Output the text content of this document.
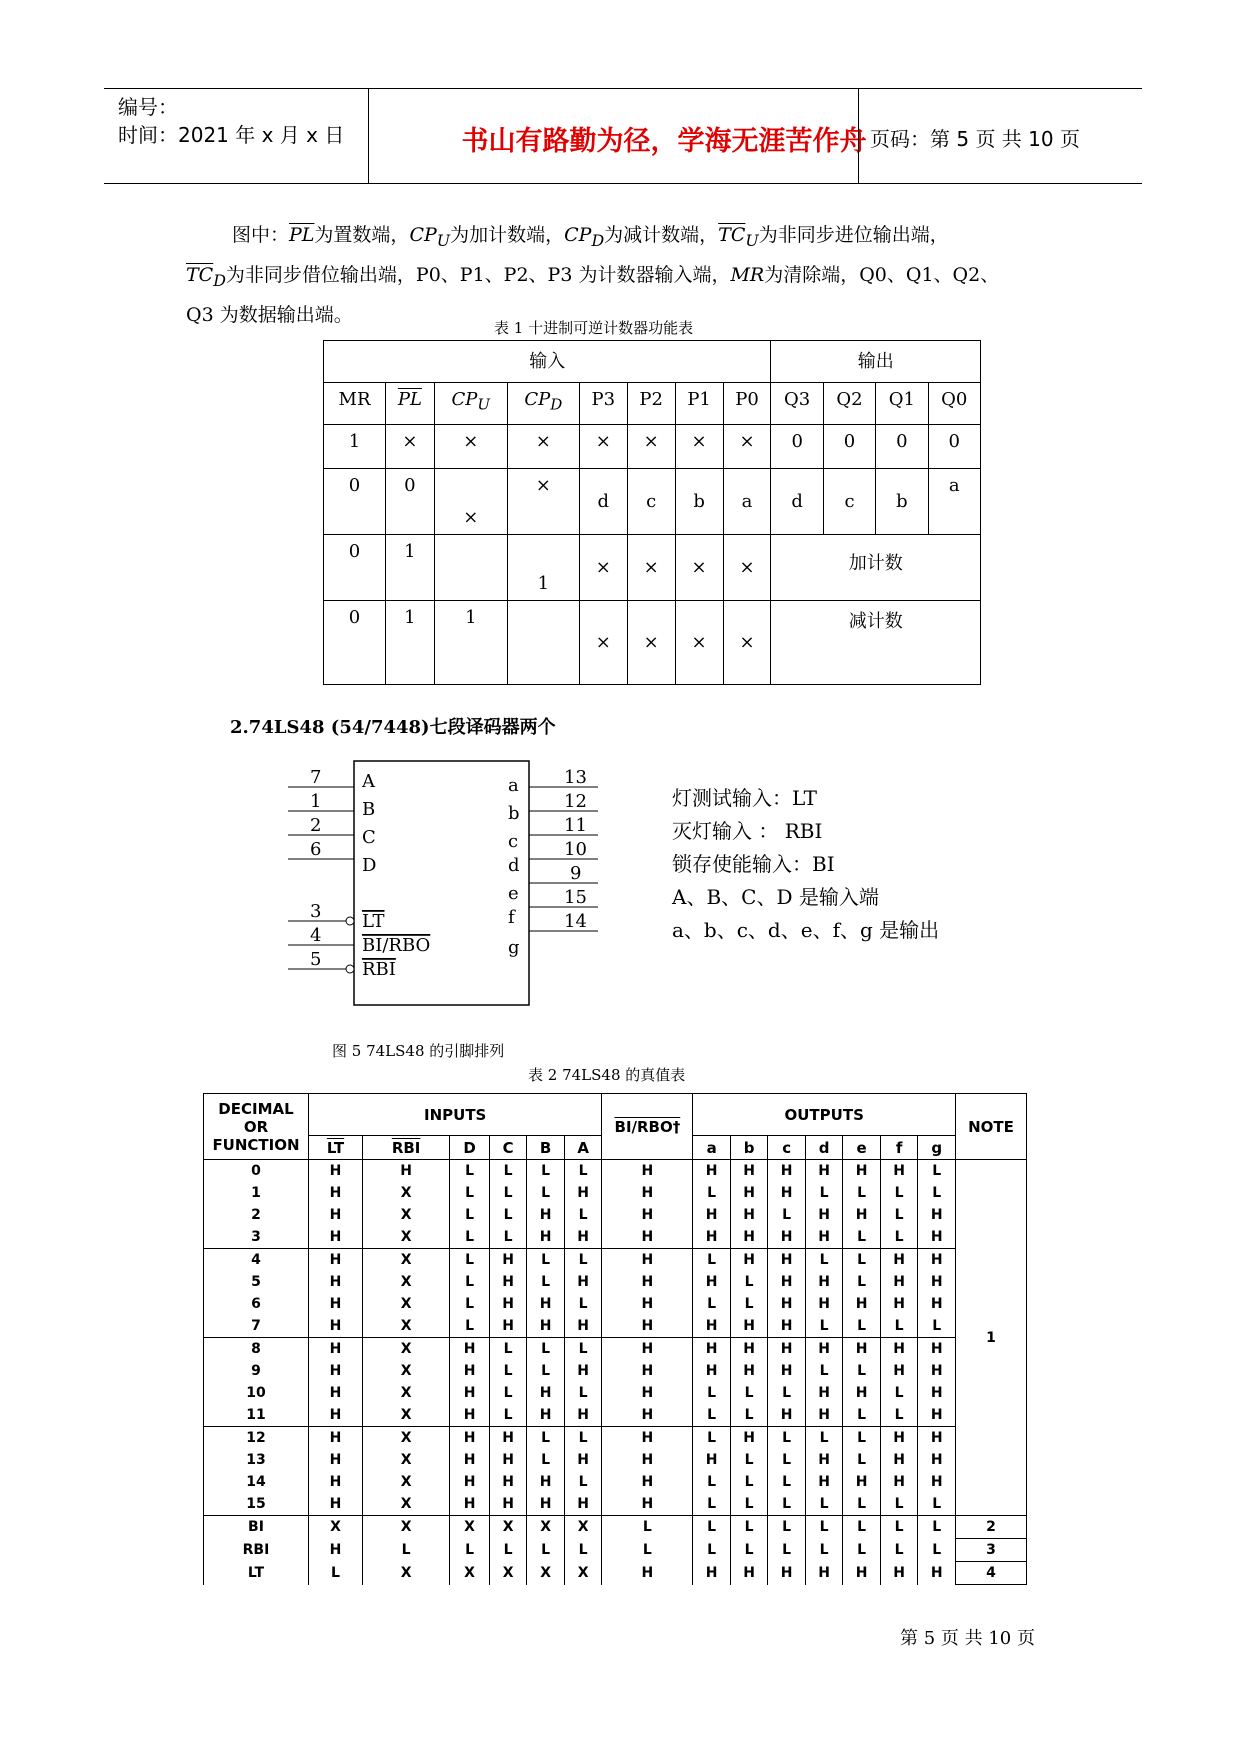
编号：
时间：2021 年 x 月 x 日	书山有路勤为径，学海无涯苦作舟 页码：第 5 页 共 10 页
图中：$\overline{PL}$为置数端，$CP_U$为加计数端，$CP_D$为减计数端，$\overline{TC}_U$为非同步进位输出端，
$\overline{TC}_D$为非同步借位输出端，P0、P1、P2、P3 为计数器输入端，MR为清除端，Q0、Q1、Q2、
Q3 为数据输出端。
表 1 十进制可逆计数器功能表
输入								输出			
MR	$\overline{PL}$	$CP_U$	$CP_D$	P3	P2	P1	P0	Q3	Q2	Q1	Q0
1	×	×	×	×	×	×	×	0	0	0	0
0	0	×	×	d	c	b	a	d	c	b	a
0	1		1	×	×	×	×	加计数			
0	1	1		×	×	×	×	减计数			
2.74LS48 (54/7448)七段译码器两个
7
1
2
6
3
4
5
A
B
C
D
LT
BI/RBO
RBI
13
12
11
10
9
15
14
a
b
c
d
e
f
g
灯测试输入：LT
灭灯输入 ： RBI
锁存使能输入：BI
A、B、C、D 是输入端
a、b、c、d、e、f、g 是输出
图 5 74LS48 的引脚排列
表 2 74LS48 的真值表
DECIMAL OR FUNCTION	INPUTS						BI/RBO†	OUTPUTS							NOTE
	$\overline{LT}$	$\overline{RBI}$	D	C	B	A		a	b	c	d	e	f	g	
0	H	H	L	L	L	L	H	H	H	H	H	H	H	L	1
1	H	X	L	L	L	H	H	L	H	H	L	L	L	L	
2	H	X	L	L	H	L	H	H	H	L	H	H	L	H	
3	H	X	L	L	H	H	H	H	H	H	H	L	L	H	
4	H	X	L	H	L	L	H	L	H	H	L	L	H	H	
5	H	X	L	H	L	H	H	H	L	H	H	L	H	H	
6	H	X	L	H	H	L	H	L	L	H	H	H	H	H	
7	H	X	L	H	H	H	H	H	H	H	L	L	L	L	
8	H	X	H	L	L	L	H	H	H	H	H	H	H	H	
9	H	X	H	L	L	H	H	H	H	H	L	L	H	H	
10	H	X	H	L	H	L	H	L	L	L	H	H	L	H	
11	H	X	H	L	H	H	H	L	L	H	H	L	L	H	
12	H	X	H	H	L	L	H	L	H	L	L	L	H	H	
13	H	X	H	H	L	H	H	H	L	L	H	L	H	H	
14	H	X	H	H	H	L	H	L	L	L	H	H	H	H	
15	H	X	H	H	H	H	H	L	L	L	L	L	L	L	
BI	X	X	X	X	X	X	L	L	L	L	L	L	L	L	2
RBI	H	L	L	L	L	L	L	L	L	L	L	L	L	L	3
LT	L	X	X	X	X	X	H	H	H	H	H	H	H	H	4
第 5 页 共 10 页
